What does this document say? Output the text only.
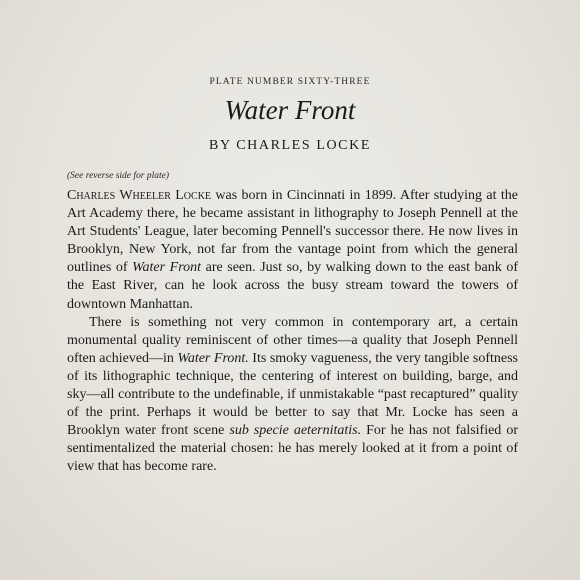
PLATE NUMBER SIXTY-THREE
Water Front
BY CHARLES LOCKE
(See reverse side for plate)

Charles Wheeler Locke was born in Cincinnati in 1899. After studying at the Art Academy there, he became assistant in lithography to Joseph Pennell at the Art Students' League, later becoming Pennell's successor there. He now lives in Brooklyn, New York, not far from the vantage point from which the general outlines of Water Front are seen. Just so, by walking down to the east bank of the East River, can he look across the busy stream toward the towers of downtown Manhattan.

There is something not very common in contemporary art, a certain monumental quality reminiscent of other times—a quality that Joseph Pennell often achieved—in Water Front. Its smoky vagueness, the very tangible softness of its lithographic technique, the centering of interest on building, barge, and sky—all contribute to the undefinable, if unmistakable “past recaptured” quality of the print. Perhaps it would be better to say that Mr. Locke has seen a Brooklyn water front scene sub specie aeternitatis. For he has not falsified or sentimentalized the material chosen: he has merely looked at it from a point of view that has become rare.
